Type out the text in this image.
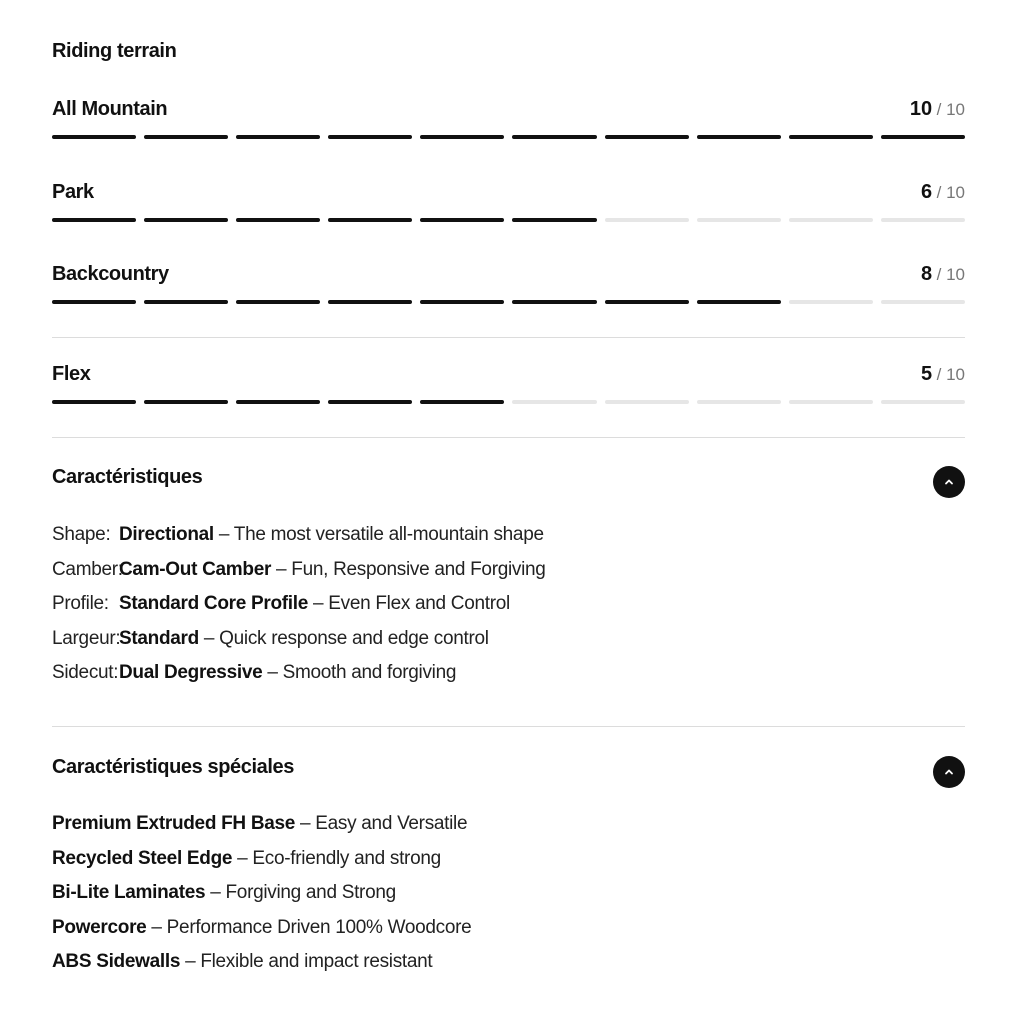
Riding terrain
All Mountain	10 / 10
Park	6 / 10
Backcountry	8 / 10
Flex	5 / 10
Caractéristiques
Shape: Directional – The most versatile all-mountain shape
Camber:Cam-Out Camber – Fun, Responsive and Forgiving
Profile: Standard Core Profile – Even Flex and Control
Largeur:Standard – Quick response and edge control
Sidecut:Dual Degressive – Smooth and forgiving
Caractéristiques spéciales
Premium Extruded FH Base – Easy and Versatile
Recycled Steel Edge – Eco-friendly and strong
Bi-Lite Laminates – Forgiving and Strong
Powercore – Performance Driven 100% Woodcore
ABS Sidewalls – Flexible and impact resistant
